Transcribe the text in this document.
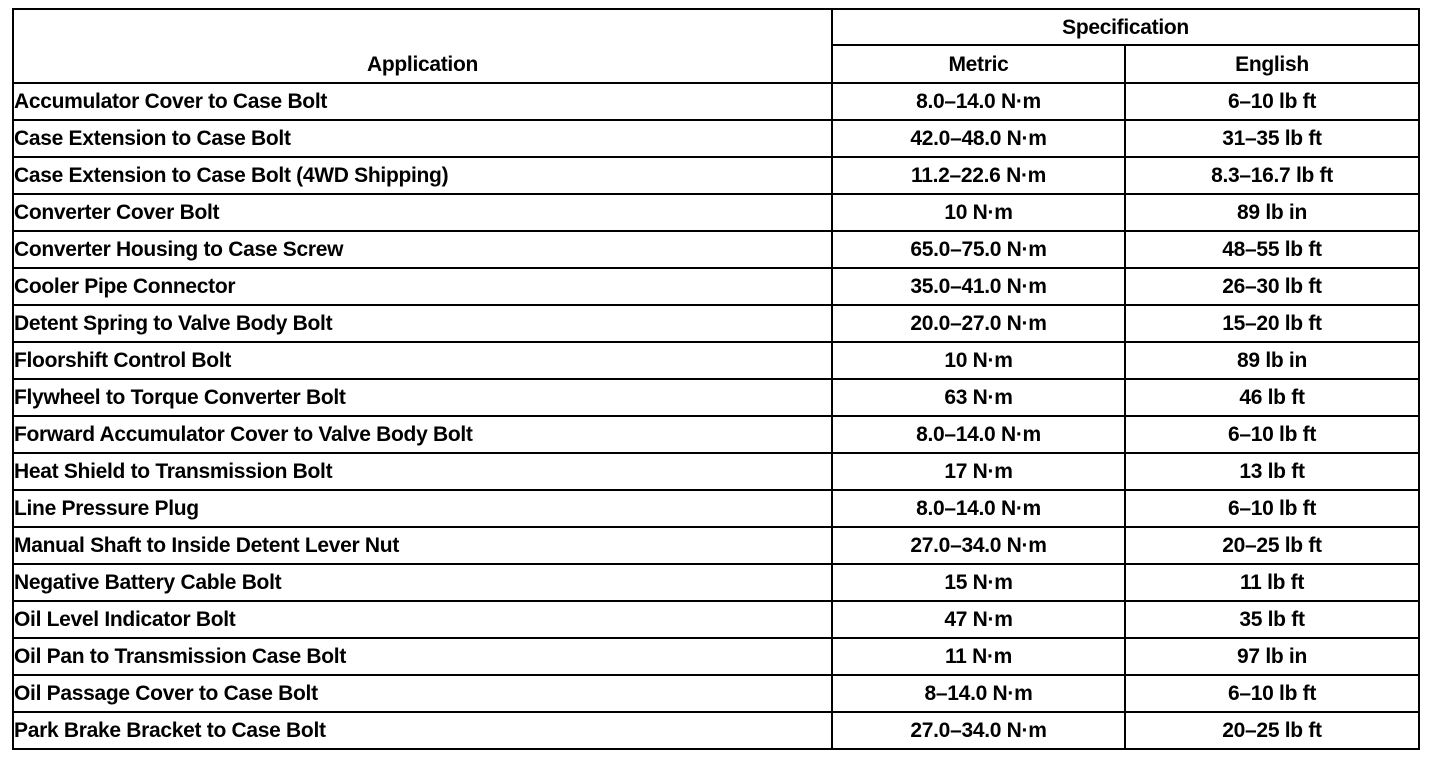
Application	Specification	
	Metric	English
Accumulator Cover to Case Bolt	8.0–14.0 N·m	6–10 lb ft
Case Extension to Case Bolt	42.0–48.0 N·m	31–35 lb ft
Case Extension to Case Bolt (4WD Shipping)	11.2–22.6 N·m	8.3–16.7 lb ft
Converter Cover Bolt	10 N·m	89 lb in
Converter Housing to Case Screw	65.0–75.0 N·m	48–55 lb ft
Cooler Pipe Connector	35.0–41.0 N·m	26–30 lb ft
Detent Spring to Valve Body Bolt	20.0–27.0 N·m	15–20 lb ft
Floorshift Control Bolt	10 N·m	89 lb in
Flywheel to Torque Converter Bolt	63 N·m	46 lb ft
Forward Accumulator Cover to Valve Body Bolt	8.0–14.0 N·m	6–10 lb ft
Heat Shield to Transmission Bolt	17 N·m	13 lb ft
Line Pressure Plug	8.0–14.0 N·m	6–10 lb ft
Manual Shaft to Inside Detent Lever Nut	27.0–34.0 N·m	20–25 lb ft
Negative Battery Cable Bolt	15 N·m	11 lb ft
Oil Level Indicator Bolt	47 N·m	35 lb ft
Oil Pan to Transmission Case Bolt	11 N·m	97 lb in
Oil Passage Cover to Case Bolt	8–14.0 N·m	6–10 lb ft
Park Brake Bracket to Case Bolt	27.0–34.0 N·m	20–25 lb ft
